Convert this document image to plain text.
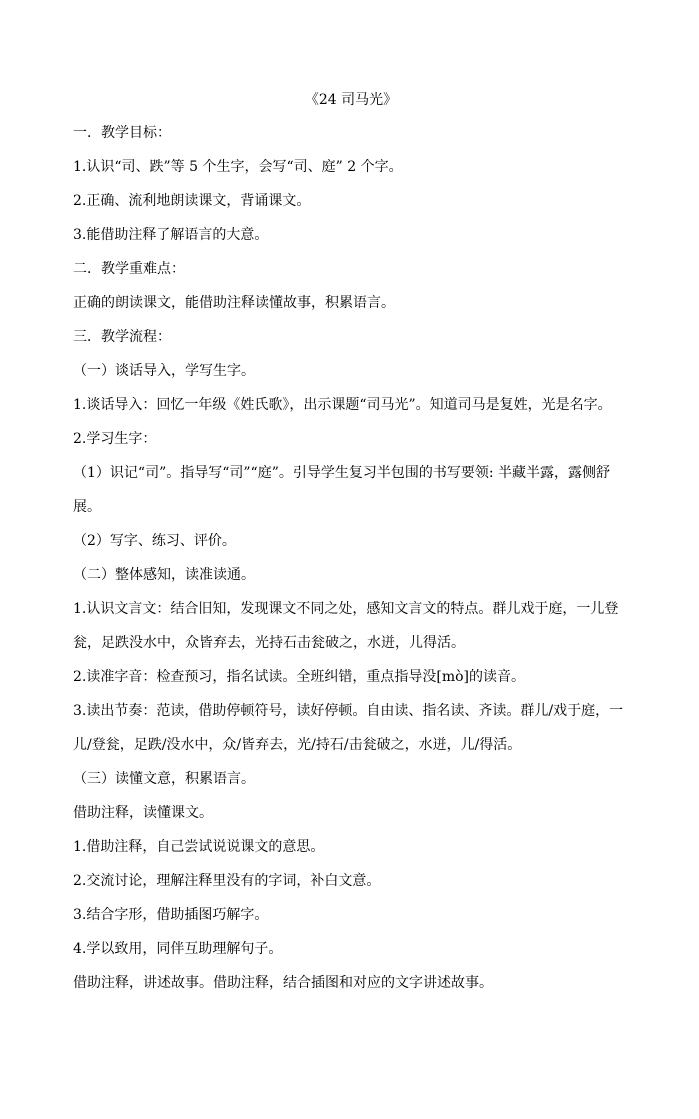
《24 司马光》
一．教学目标：
1.认识“司、跌”等 5 个生字，会写“司、庭” 2 个字。
2.正确、流利地朗读课文，背诵课文。
3.能借助注释了解语言的大意。
二．教学重难点：
正确的朗读课文，能借助注释读懂故事，积累语言。
三．教学流程：
（一）谈话导入，学写生字。
1.谈话导入：回忆一年级《姓氏歌》，出示课题“司马光”。知道司马是复姓，光是名字。
2.学习生字：
（1）识记“司”。指导写“司”“庭”。引导学生复习半包围的书写要领: 半藏半露，露侧舒展。
（2）写字、练习、评价。
（二）整体感知，读准读通。
1.认识文言文：结合旧知，发现课文不同之处，感知文言文的特点。群儿戏于庭，一儿登瓮，足跌没水中，众皆弃去，光持石击瓮破之，水迸，儿得活。
2.读准字音：检查预习，指名试读。全班纠错，重点指导没[mò]的读音。
3.读出节奏：范读，借助停顿符号，读好停顿。自由读、指名读、齐读。群儿/戏于庭，一儿/登瓮，足跌/没水中，众/皆弃去，光/持石/击瓮破之，水迸，儿/得活。
（三）读懂文意，积累语言。
借助注释，读懂课文。
1.借助注释，自己尝试说说课文的意思。
2.交流讨论，理解注释里没有的字词，补白文意。
3.结合字形，借助插图巧解字。
4.学以致用，同伴互助理解句子。
借助注释，讲述故事。借助注释，结合插图和对应的文字讲述故事。
